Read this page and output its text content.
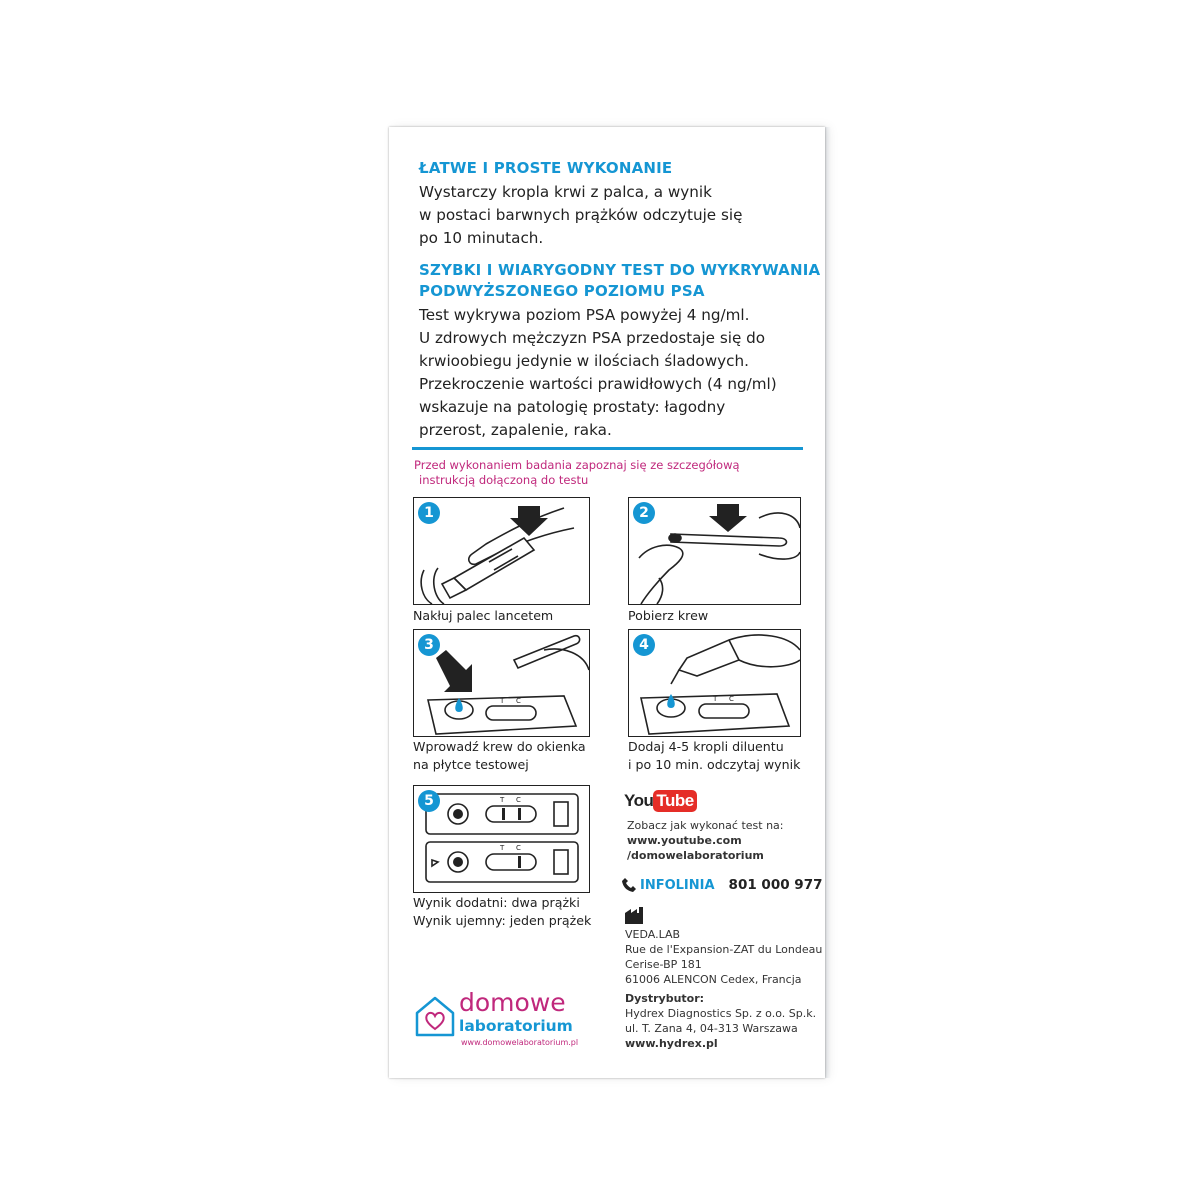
ŁATWE I PROSTE WYKONANIE
Wystarczy kropla krwi z palca, a wynik
w postaci barwnych prążków odczytuje się
po 10 minutach.
SZYBKI I WIARYGODNY TEST DO WYKRYWANIA
PODWYŻSZONEGO POZIOMU PSA
Test wykrywa poziom PSA powyżej 4 ng/ml.
U zdrowych mężczyzn PSA przedostaje się do
krwioobiegu jedynie w ilościach śladowych.
Przekroczenie wartości prawidłowych (4 ng/ml)
wskazuje na patologię prostaty: łagodny
przerost, zapalenie, raka.
Przed wykonaniem badania zapoznaj się ze szczegółową
instrukcją dołączoną do testu
1
Nakłuj palec lancetem
2
Pobierz krew
3
T C
Wprowadź krew do okienka
na płytce testowej
4
T C
Dodaj 4-5 kropli diluentu
i po 10 min. odczytaj wynik
5	T C
T C
Wynik dodatni: dwa prążki
Wynik ujemny: jeden prążek
You Tube
Zobacz jak wykonać test na:
www.youtube.com
/domowelaboratorium
INFOLINIA 801 000 977
VEDA.LAB
Rue de l'Expansion-ZAT du Londeau
Cerise-BP 181
61006 ALENCON Cedex, Francja
Dystrybutor:
Hydrex Diagnostics Sp. z o.o. Sp.k.
ul. T. Zana 4, 04-313 Warszawa
www.hydrex.pl
domowe
laboratorium
www.domowelaboratorium.pl
